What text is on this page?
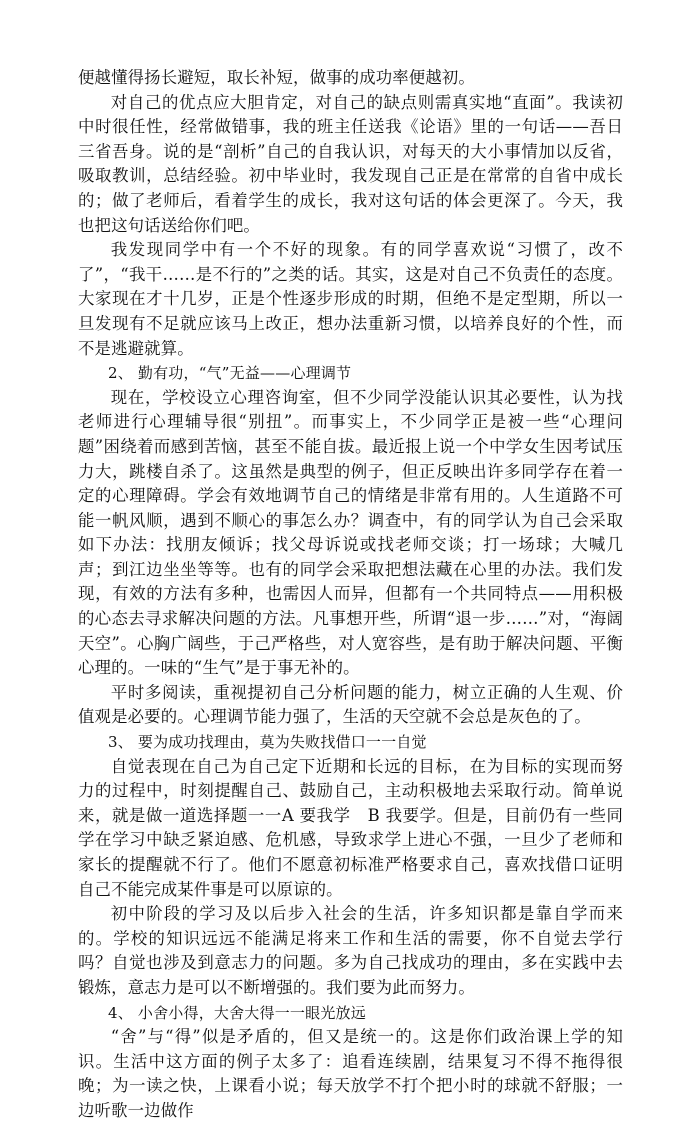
便越懂得扬长避短，取长补短，做事的成功率便越初。

对自己的优点应大胆肯定，对自己的缺点则需真实地“直面”。我读初中时很任性，经常做错事，我的班主任送我《论语》里的一句话——吾日三省吾身。说的是“剖析”自己的自我认识，对每天的大小事情加以反省，吸取教训，总结经验。初中毕业时，我发现自己正是在常常的自省中成长的；做了老师后，看着学生的成长，我对这句话的体会更深了。今天，我也把这句话送给你们吧。

我发现同学中有一个不好的现象。有的同学喜欢说“习惯了，改不了”，“我干……是不行的”之类的话。其实，这是对自己不负责任的态度。大家现在才十几岁，正是个性逐步形成的时期，但绝不是定型期，所以一旦发现有不足就应该马上改正，想办法重新习惯，以培养良好的个性，而不是逃避就算。

2、 勤有功，“气”无益——心理调节

现在，学校设立心理咨询室，但不少同学没能认识其必要性，认为找老师进行心理辅导很“别扭”。而事实上，不少同学正是被一些“心理问题”困绕着而感到苦恼，甚至不能自拔。最近报上说一个中学女生因考试压力大，跳楼自杀了。这虽然是典型的例子，但正反映出许多同学存在着一定的心理障碍。学会有效地调节自己的情绪是非常有用的。人生道路不可能一帆风顺，遇到不顺心的事怎么办？调查中，有的同学认为自己会采取如下办法：找朋友倾诉；找父母诉说或找老师交谈；打一场球；大喊几声；到江边坐坐等等。也有的同学会采取把想法藏在心里的办法。我们发现，有效的方法有多种，也需因人而异，但都有一个共同特点——用积极的心态去寻求解决问题的方法。凡事想开些，所谓“退一步……”对，“海阔天空”。心胸广阔些，于己严格些，对人宽容些，是有助于解决问题、平衡心理的。一味的“生气”是于事无补的。

平时多阅读，重视提初自己分析问题的能力，树立正确的人生观、价值观是必要的。心理调节能力强了，生活的天空就不会总是灰色的了。

3、 要为成功找理由，莫为失败找借口一一自觉

自觉表现在自己为自己定下近期和长远的目标，在为目标的实现而努力的过程中，时刻提醒自己、鼓励自己，主动积极地去采取行动。简单说来，就是做一道选择题一一A 要我学　B 我要学。但是，目前仍有一些同学在学习中缺乏紧迫感、危机感，导致求学上进心不强，一旦少了老师和家长的提醒就不行了。他们不愿意初标准严格要求自己，喜欢找借口证明自己不能完成某件事是可以原谅的。

初中阶段的学习及以后步入社会的生活，许多知识都是靠自学而来的。学校的知识远远不能满足将来工作和生活的需要，你不自觉去学行吗？自觉也涉及到意志力的问题。多为自己找成功的理由，多在实践中去锻炼，意志力是可以不断增强的。我们要为此而努力。

4、 小舍小得，大舍大得一一眼光放远

“舍”与“得”似是矛盾的，但又是统一的。这是你们政治课上学的知识。生活中这方面的例子太多了：追看连续剧，结果复习不得不拖得很晚；为一读之快，上课看小说；每天放学不打个把小时的球就不舒服；一边听歌一边做作
